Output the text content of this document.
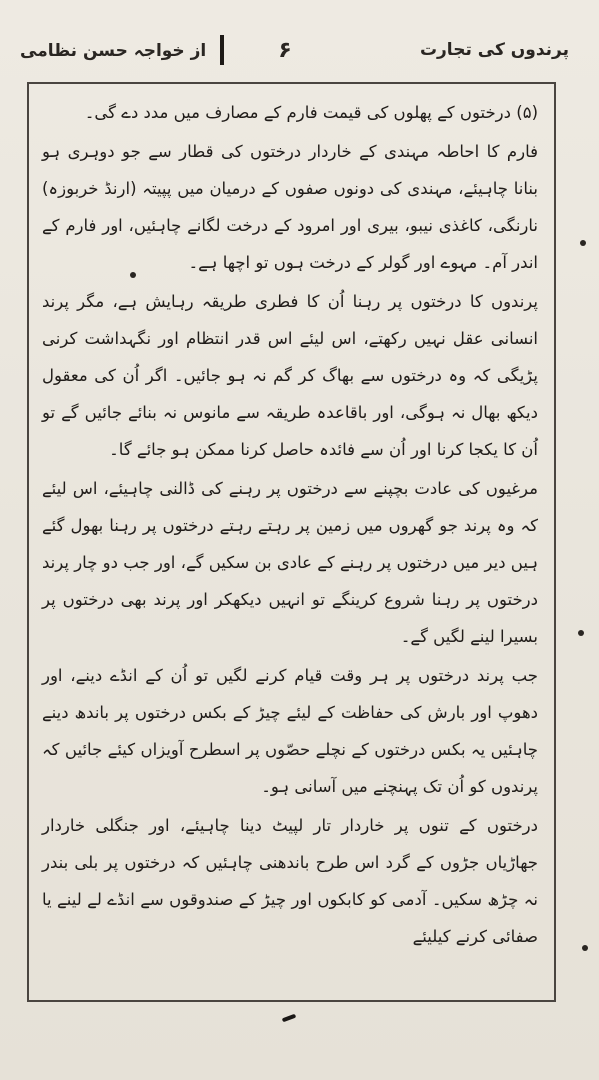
از خواجہ حسن نظامی	۶	پرندوں کی تجارت

(۵) درختوں کے پھلوں کی قیمت فارم کے مصارف میں مدد دے گی۔

فارم کا احاطہ مہندی کے خاردار درختوں کی قطار سے جو دوہری ہو بنانا چاہیئے، مہندی کی دونوں صفوں کے درمیان میں پپیتہ (ارنڈ خربوزہ) نارنگی، کاغذی نیبو، بیری اور امرود کے درخت لگانے چاہئیں، اور فارم کے اندر آم۔ مہوے اور گولر کے درخت ہوں تو اچھا ہے۔

پرندوں کا درختوں پر رہنا اُن کا فطری طریقہ رہایش ہے، مگر پرند انسانی عقل نہیں رکھتے، اس لیئے اس قدر انتظام اور نگہداشت کرنی پڑیگی کہ وہ درختوں سے بھاگ کر گم نہ ہو جائیں۔ اگر اُن کی معقول دیکھ بھال نہ ہوگی، اور باقاعدہ طریقہ سے مانوس نہ بنائے جائیں گے تو اُن کا یکجا کرنا اور اُن سے فائدہ حاصل کرنا ممکن ہو جائے گا۔

مرغیوں کی عادت بچپنے سے درختوں پر رہنے کی ڈالنی چاہیئے، اس لیئے کہ وہ پرند جو گھروں میں زمین پر رہتے رہتے درختوں پر رہنا بھول گئے ہیں دیر میں درختوں پر رہنے کے عادی بن سکیں گے، اور جب دو چار پرند درختوں پر رہنا شروع کرینگے تو انہیں دیکھکر اور پرند بھی درختوں پر بسیرا لینے لگیں گے۔

جب پرند درختوں پر ہر وقت قیام کرنے لگیں تو اُن کے انڈے دینے، اور دھوپ اور بارش کی حفاظت کے لیئے چیڑ کے بکس درختوں پر باندھ دینے چاہئیں یہ بکس درختوں کے نچلے حصّوں پر اسطرح آویزاں کیئے جائیں کہ پرندوں کو اُن تک پہنچنے میں آسانی ہو۔

درختوں کے تنوں پر خاردار تار لپیٹ دینا چاہیئے، اور جنگلی خاردار جھاڑیاں جڑوں کے گرد اس طرح باندھنی چاہئیں کہ درختوں پر بلی بندر نہ چڑھ سکیں۔ آدمی کو کابکوں اور چیڑ کے صندوقوں سے انڈے لے لینے یا صفائی کرنے کیلیئے
